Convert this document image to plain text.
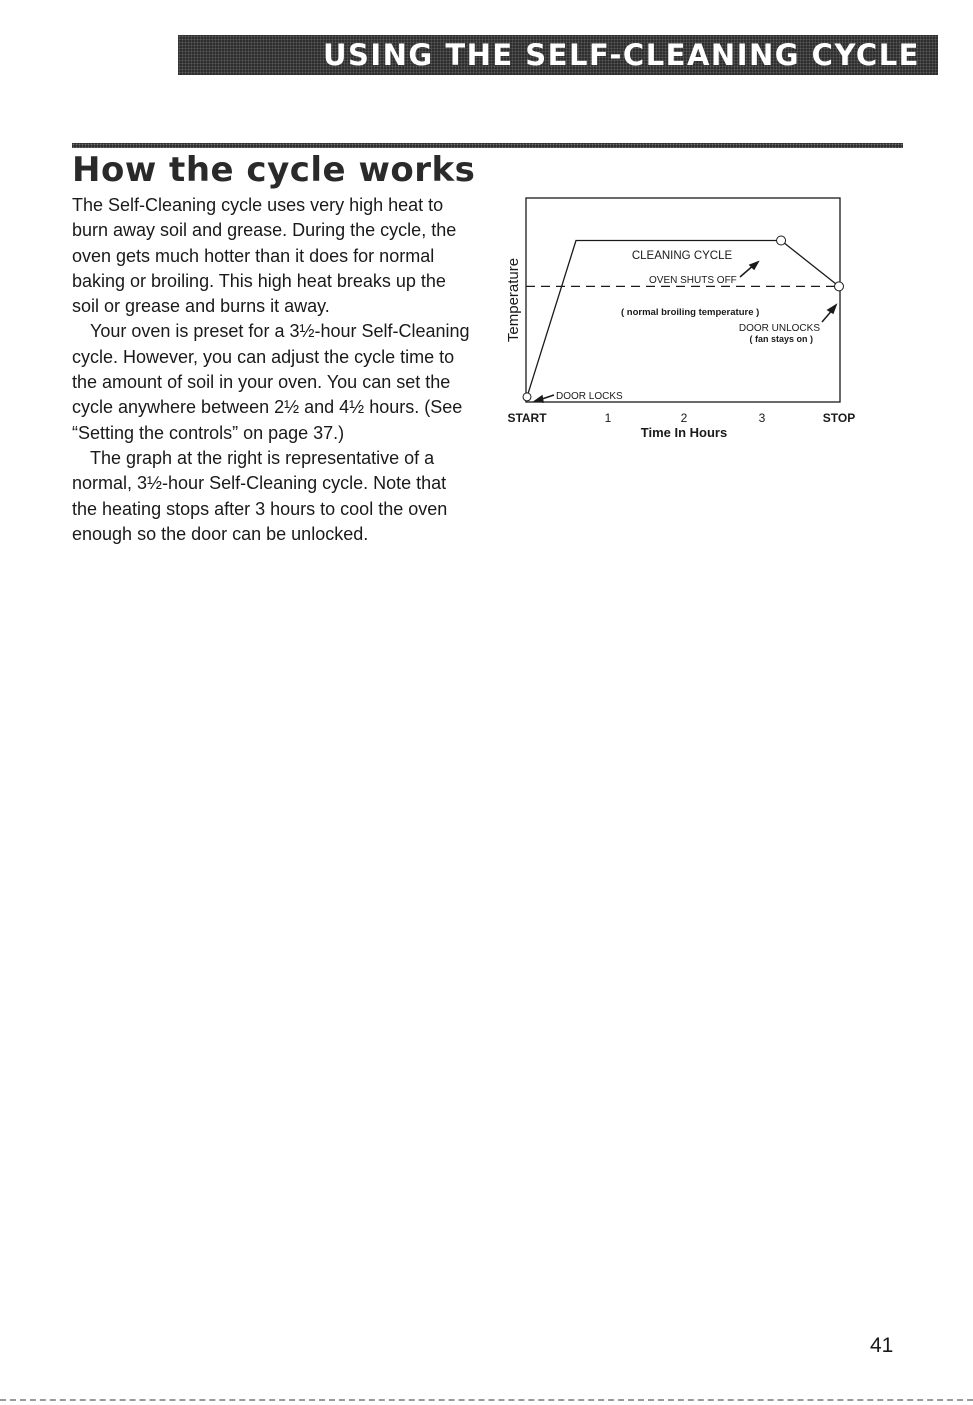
USING THE SELF-CLEANING CYCLE
How the cycle works

The Self-Cleaning cycle uses very high heat to burn away soil and grease. During the cycle, the oven gets much hotter than it does for normal baking or broiling. This high heat breaks up the soil or grease and burns it away.

Your oven is preset for a 3½-hour Self-Cleaning cycle. However, you can adjust the cycle time to the amount of soil in your oven. You can set the cycle anywhere between 2½ and 4½ hours. (See “Setting the controls” on page 37.)

The graph at the right is representative of a normal, 3½-hour Self-Cleaning cycle. Note that the heating stops after 3 hours to cool the oven enough so the door can be unlocked.

Temperature
CLEANING CYCLE
OVEN SHUTS OFF
( normal broiling temperature )
DOOR UNLOCKS
( fan stays on )
DOOR LOCKS
START	1	2	3	STOP
Time In Hours
41
